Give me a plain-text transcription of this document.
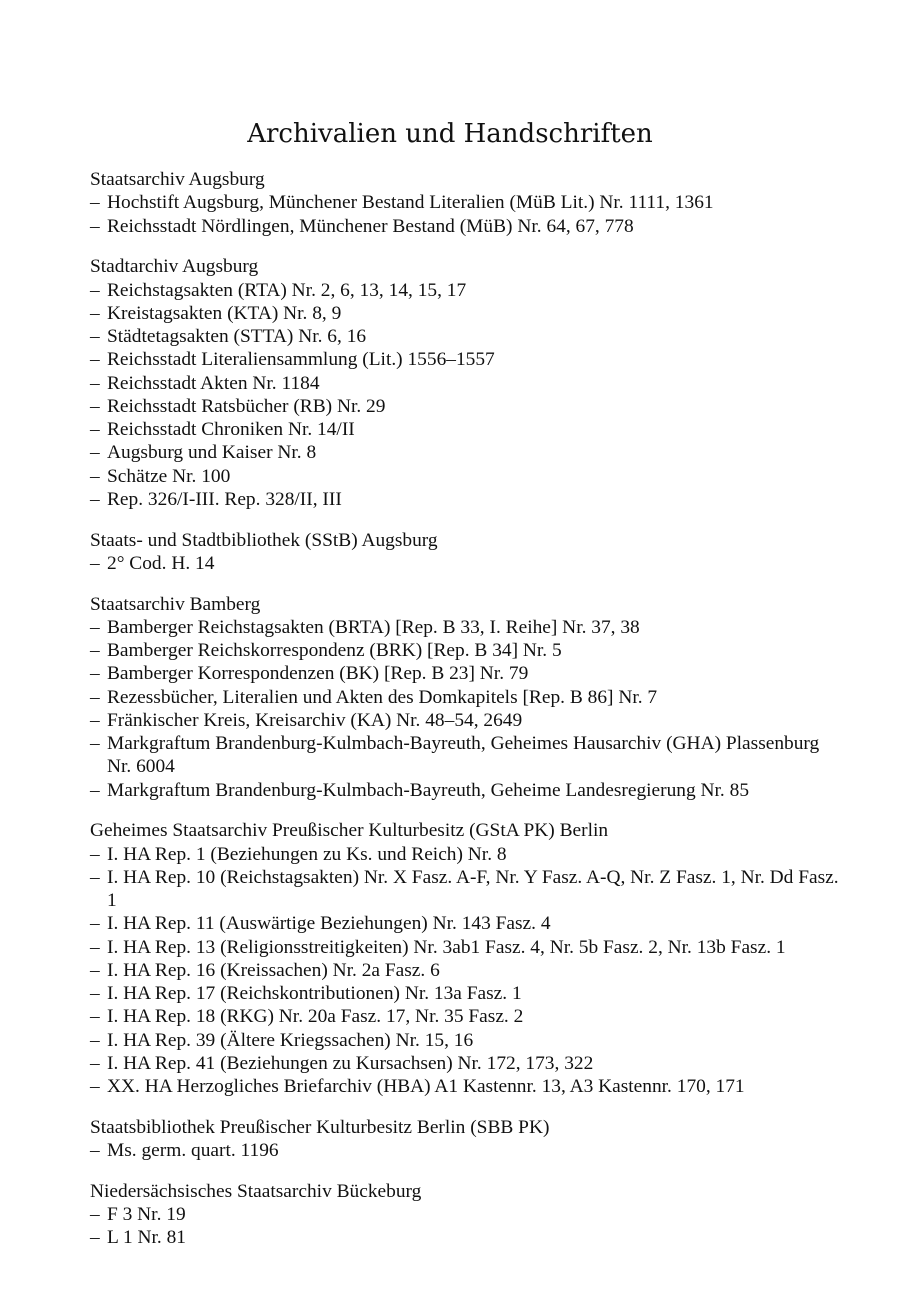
Archivalien und Handschriften
Staatsarchiv Augsburg
– Hochstift Augsburg, Münchener Bestand Literalien (MüB Lit.) Nr. 1111, 1361
– Reichsstadt Nördlingen, Münchener Bestand (MüB) Nr. 64, 67, 778
Stadtarchiv Augsburg
– Reichstagsakten (RTA) Nr. 2, 6, 13, 14, 15, 17
– Kreistagsakten (KTA) Nr. 8, 9
– Städtetagsakten (STTA) Nr. 6, 16
– Reichsstadt Literaliensammlung (Lit.) 1556–1557
– Reichsstadt Akten Nr. 1184
– Reichsstadt Ratsbücher (RB) Nr. 29
– Reichsstadt Chroniken Nr. 14/II
– Augsburg und Kaiser Nr. 8
– Schätze Nr. 100
– Rep. 326/I-III. Rep. 328/II, III
Staats- und Stadtbibliothek (SStB) Augsburg
– 2° Cod. H. 14
Staatsarchiv Bamberg
– Bamberger Reichstagsakten (BRTA) [Rep. B 33, I. Reihe] Nr. 37, 38
– Bamberger Reichskorrespondenz (BRK) [Rep. B 34] Nr. 5
– Bamberger Korrespondenzen (BK) [Rep. B 23] Nr. 79
– Rezessbücher, Literalien und Akten des Domkapitels [Rep. B 86] Nr. 7
– Fränkischer Kreis, Kreisarchiv (KA) Nr. 48–54, 2649
– Markgraftum Brandenburg-Kulmbach-Bayreuth, Geheimes Hausarchiv (GHA) Plassenburg Nr. 6004
– Markgraftum Brandenburg-Kulmbach-Bayreuth, Geheime Landesregierung Nr. 85
Geheimes Staatsarchiv Preußischer Kulturbesitz (GStA PK) Berlin
– I. HA Rep. 1 (Beziehungen zu Ks. und Reich) Nr. 8
– I. HA Rep. 10 (Reichstagsakten) Nr. X Fasz. A-F, Nr. Y Fasz. A-Q, Nr. Z Fasz. 1, Nr. Dd Fasz. 1
– I. HA Rep. 11 (Auswärtige Beziehungen) Nr. 143 Fasz. 4
– I. HA Rep. 13 (Religionsstreitigkeiten) Nr. 3ab1 Fasz. 4, Nr. 5b Fasz. 2, Nr. 13b Fasz. 1
– I. HA Rep. 16 (Kreissachen) Nr. 2a Fasz. 6
– I. HA Rep. 17 (Reichskontributionen) Nr. 13a Fasz. 1
– I. HA Rep. 18 (RKG) Nr. 20a Fasz. 17, Nr. 35 Fasz. 2
– I. HA Rep. 39 (Ältere Kriegssachen) Nr. 15, 16
– I. HA Rep. 41 (Beziehungen zu Kursachsen) Nr. 172, 173, 322
– XX. HA Herzogliches Briefarchiv (HBA) A1 Kastennr. 13, A3 Kastennr. 170, 171
Staatsbibliothek Preußischer Kulturbesitz Berlin (SBB PK)
– Ms. germ. quart. 1196
Niedersächsisches Staatsarchiv Bückeburg
– F 3 Nr. 19
– L 1 Nr. 81
